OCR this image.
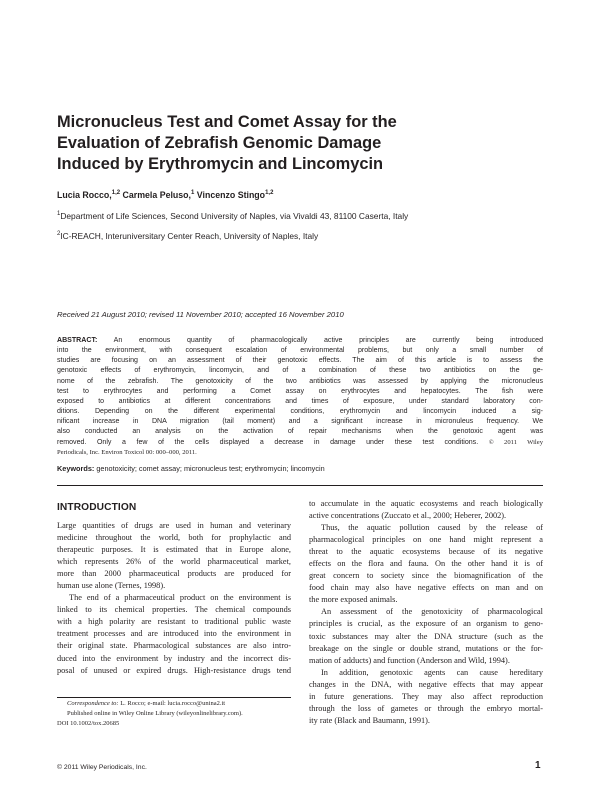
Micronucleus Test and Comet Assay for the
Evaluation of Zebrafish Genomic Damage
Induced by Erythromycin and Lincomycin
Lucia Rocco,$^{1,2}$ Carmela Peluso,$^1$ Vincenzo Stingo$^{1,2}$
$^1$Department of Life Sciences, Second University of Naples, via Vivaldi 43, 81100 Caserta, Italy
$^2$IC-REACH, Interuniversitary Center Reach, University of Naples, Italy
Received 21 August 2010; revised 11 November 2010; accepted 16 November 2010
ABSTRACT: An enormous quantity of pharmacologically active principles are currently being introduced
into the environment, with consequent escalation of environmental problems, but only a small number of
studies are focusing on an assessment of their genotoxic effects. The aim of this article is to assess the
genotoxic effects of erythromycin, lincomycin, and of a combination of these two antibiotics on the ge-
nome of the zebrafish. The genotoxicity of the two antibiotics was assessed by applying the micronucleus
test to erythrocytes and performing a Comet assay on erythrocytes and hepatocytes. The fish were
exposed to antibiotics at different concentrations and times of exposure, under standard laboratory con-
ditions. Depending on the different experimental conditions, erythromycin and lincomycin induced a sig-
nificant increase in DNA migration (tail moment) and a significant increase in micronuleus frequency. We
also conducted an analysis on the activation of repair mechanisms when the genotoxic agent was
removed. Only a few of the cells displayed a decrease in damage under these test conditions. © 2011 Wiley
Periodicals, Inc. Environ Toxicol 00: 000–000, 2011.
Keywords: genotoxicity; comet assay; micronucleus test; erythromycin; lincomycin
INTRODUCTION
Large quantities of drugs are used in human and veterinary
medicine throughout the world, both for prophylactic and
therapeutic purposes. It is estimated that in Europe alone,
which represents 26% of the world pharmaceutical market,
more than 2000 pharmaceutical products are produced for
human use alone (Ternes, 1998).
The end of a pharmaceutical product on the environment is
linked to its chemical properties. The chemical compounds
with a high polarity are resistant to traditional public waste
treatment processes and are introduced into the environment in
their original state. Pharmacological substances are also intro-
duced into the environment by industry and the incorrect dis-
posal of unused or expired drugs. High-resistance drugs tend
to accumulate in the aquatic ecosystems and reach biologically
active concentrations (Zuccato et al., 2000; Heberer, 2002).
Thus, the aquatic pollution caused by the release of
pharmacological principles on one hand might represent a
threat to the aquatic ecosystems because of its negative
effects on the flora and fauna. On the other hand it is of
great concern to society since the biomagnification of the
food chain may also have negative effects on man and on
the more exposed animals.
An assessment of the genotoxicity of pharmacological
principles is crucial, as the exposure of an organism to geno-
toxic substances may alter the DNA structure (such as the
breakage on the single or double strand, mutations or the for-
mation of adducts) and function (Anderson and Wild, 1994).
In addition, genotoxic agents can cause hereditary
changes in the DNA, with negative effects that may appear
in future generations. They may also affect reproduction
through the loss of gametes or through the embryo mortal-
ity rate (Black and Baumann, 1991).
Correspondence to: L. Rocco; e-mail: lucia.rocco@unina2.it
Published online in Wiley Online Library (wileyonlinelibrary.com).
DOI 10.1002/tox.20685
© 2011 Wiley Periodicals, Inc.	1
